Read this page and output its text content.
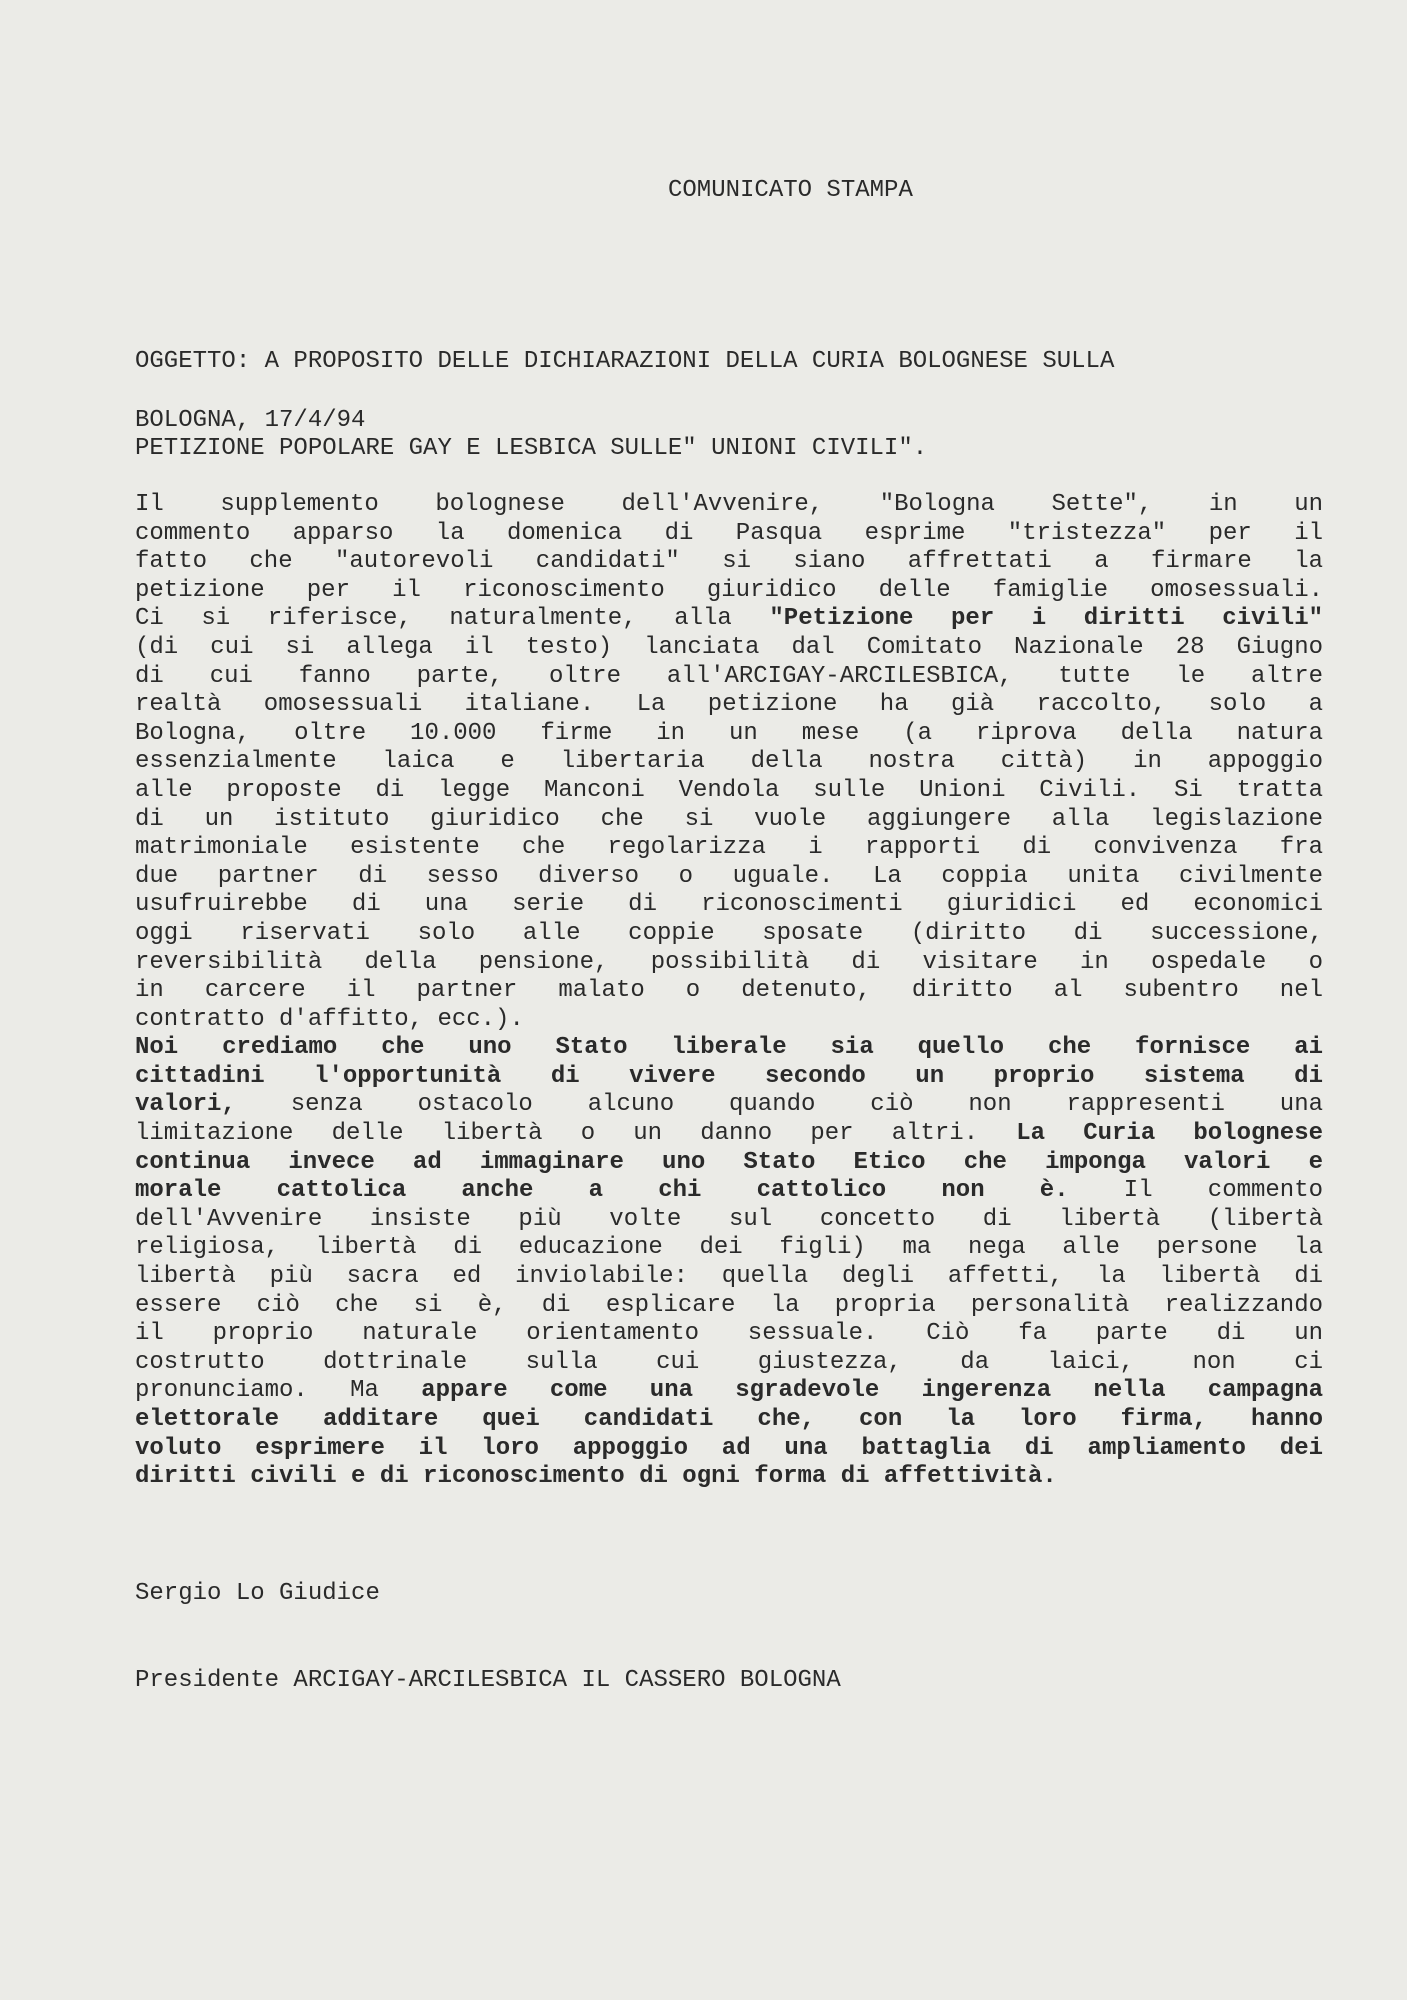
COMUNICATO STAMPA

OGGETTO: A PROPOSITO DELLE DICHIARAZIONI DELLA CURIA BOLOGNESE SULLA

PETIZIONE POPOLARE GAY E LESBICA SULLE" UNIONI CIVILI".

BOLOGNA, 17/4/94
Il supplemento bolognese dell'Avvenire, "Bologna Sette", in un
commento apparso la domenica di Pasqua esprime "tristezza" per il
fatto che "autorevoli candidati" si siano affrettati a firmare la
petizione per il riconoscimento giuridico delle famiglie omosessuali.
Ci si riferisce, naturalmente, alla "Petizione per i diritti civili"
(di cui si allega il testo) lanciata dal Comitato Nazionale 28 Giugno
di cui fanno parte, oltre all'ARCIGAY-ARCILESBICA, tutte le altre
realtà omosessuali italiane. La petizione ha già raccolto, solo a
Bologna, oltre 10.000 firme in un mese (a riprova della natura
essenzialmente laica e libertaria della nostra città) in appoggio
alle proposte di legge Manconi Vendola sulle Unioni Civili. Si tratta
di un istituto giuridico che si vuole aggiungere alla legislazione
matrimoniale esistente che regolarizza i rapporti di convivenza fra
due partner di sesso diverso o uguale. La coppia unita civilmente
usufruirebbe di una serie di riconoscimenti giuridici ed economici
oggi riservati solo alle coppie sposate (diritto di successione,
reversibilità della pensione, possibilità di visitare in ospedale o
in carcere il partner malato o detenuto, diritto al subentro nel
contratto d'affitto, ecc.).
Noi crediamo che uno Stato liberale sia quello che fornisce ai
cittadini l'opportunità di vivere secondo un proprio sistema di
valori, senza ostacolo alcuno quando ciò non rappresenti una
limitazione delle libertà o un danno per altri. La Curia bolognese
continua invece ad immaginare uno Stato Etico che imponga valori e
morale cattolica anche a chi cattolico non è. Il commento
dell'Avvenire insiste più volte sul concetto di libertà (libertà
religiosa, libertà di educazione dei figli) ma nega alle persone la
libertà più sacra ed inviolabile: quella degli affetti, la libertà di
essere ciò che si è, di esplicare la propria personalità realizzando
il proprio naturale orientamento sessuale. Ciò fa parte di un
costrutto dottrinale sulla cui giustezza, da laici, non ci
pronunciamo. Ma appare come una sgradevole ingerenza nella campagna
elettorale additare quei candidati che, con la loro firma, hanno
voluto esprimere il loro appoggio ad una battaglia di ampliamento dei
diritti civili e di riconoscimento di ogni forma di affettività.

Sergio Lo Giudice

Presidente ARCIGAY-ARCILESBICA IL CASSERO BOLOGNA
